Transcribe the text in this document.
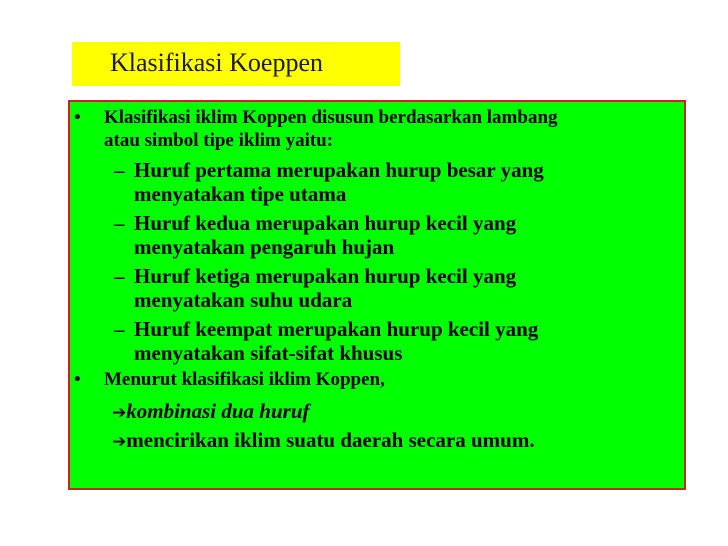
Klasifikasi Koeppen
• Klasifikasi iklim Koppen disusun berdasarkan lambang
atau simbol tipe iklim yaitu:
– Huruf pertama merupakan hurup besar yang
menyatakan tipe utama
– Huruf kedua merupakan hurup kecil yang
menyatakan pengaruh hujan
– Huruf ketiga merupakan hurup kecil yang
menyatakan suhu udara
– Huruf keempat merupakan hurup kecil yang
menyatakan sifat-sifat khusus
• Menurut klasifikasi iklim Koppen,
➔kombinasi dua huruf
➔mencirikan iklim suatu daerah secara umum.
